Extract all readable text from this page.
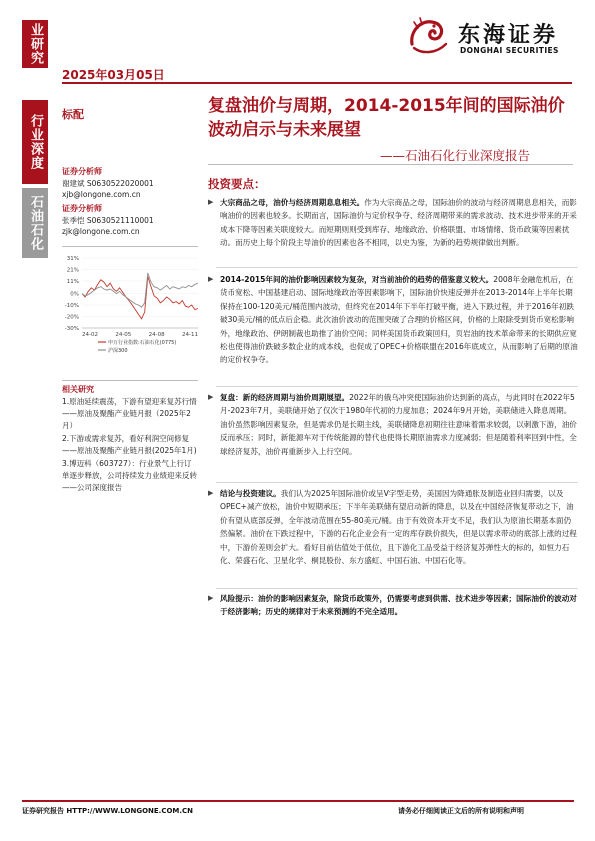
业研究
行业深度
石油石化
2025年03月05日
东海证券
DONGHAI SECURITIES
标配	复盘油价与周期，2014-2015年间的国际油价波动启示与未来展望
——石油石化行业深度报告
证券分析师
谢建斌 S0630522020001
xjb@longone.com.cn
证券分析师
张季恺 S0630521110001
zjk@longone.com.cn
31%
21%
11%
0%
-10%
-20%
-30%
24-02	24-05	24-08	24-11
申万行业指数:石油石化(0775)
沪深300
相关研究
1.原油延续震荡，下游有望迎来复苏行情——原油及聚酯产业链月报（2025年2月）
2.下游或需求复苏，看好利润空间修复——原油及聚酯产业链月报(2025年1月)
3.博迈科（603727）：行业景气上行订单逐步释放，公司持续发力业绩迎来反转——公司深度报告
投资要点：
▶ 大宗商品之母，油价与经济周期息息相关。作为大宗商品之母，国际油价的波动与经济周期息息相关，而影响油价的因素也较多。长期而言，国际油价与定价权争夺、经济周期带来的需求波动、技术进步带来的开采成本下降等因素关联度较大。而短期则则受到库存、地缘政治、价格联盟、市场情绪、货币政策等因素扰动。而历史上每个阶段主导油价的因素也各不相同，以史为鉴，为新的趋势规律做出判断。
▶ 2014-2015年间的油价影响因素较为复杂，对当前油价的趋势的借鉴意义较大。2008年金融危机后，在货币宽松、中国基建启动、国际地缘政治等因素影响下，国际油价快速反弹并在2013-2014年上半年长期保持在100-120美元/桶范围内波动，但终究在2014年下半年打破平衡，进入下跌过程，并于2016年初跌破30美元/桶的低点后企稳。此次油价波动的范围突破了合理的价格区间，价格的上限除受到货币宽松影响外，地缘政治、伊朗制裁也助推了油价空间；同样美国货币政策回归，页岩油的技术革命带来的长期供应宽松也使得油价跌破多数企业的成本线，也促成了OPEC+价格联盟在2016年底成立，从而影响了后期的原油的定价权争夺。
▶ 复盘：新的经济周期与油价周期展望。2022年的俄乌冲突使国际油价达到新的高点，与此同时在2022年5月-2023年7月，美联储开始了仅次于1980年代初的力度加息；2024年9月开始，美联储进入降息周期。油价虽然影响因素复杂，但是需求仍是长期主线，美联储降息初期往往意味着需求较弱，以刺激下游，油价反而承压；同时，新能源车对于传统能源的替代也使得长期原油需求力度减弱；但是随着利率回到中性，全球经济复苏，油价再重新步入上行空间。
▶ 结论与投资建议。我们认为2025年国际油价或呈V字型走势，美国因为降通胀及制造业回归需要，以及OPEC+减产放松，油价中短期承压；下半年美联储有望启动新的降息，以及在中国经济恢复带动之下，油价有望从底部反弹，全年波动范围在55-80美元/桶。由于有效资本开支不足，我们认为原油长期基本面仍然偏紧。油价在下跌过程中，下游的石化企业会有一定的库存跌价损失，但是以需求带动的底部上涨的过程中，下游价差则会扩大。看好目前估值处于低位，且下游化工品受益于经济复苏弹性大的标的，如恒力石化、荣盛石化、卫星化学、桐昆股份、东方盛虹、中国石油、中国石化等。
▶ 风险提示：油价的影响因素复杂，除货币政策外，仍需要考虑到供需、技术进步等因素；国际油价的波动对于经济影响；历史的规律对于未来预测的不完全适用。
证券研究报告 HTTP://WWW.LONGONE.COM.CN	请务必仔细阅读正文后的所有说明和声明
